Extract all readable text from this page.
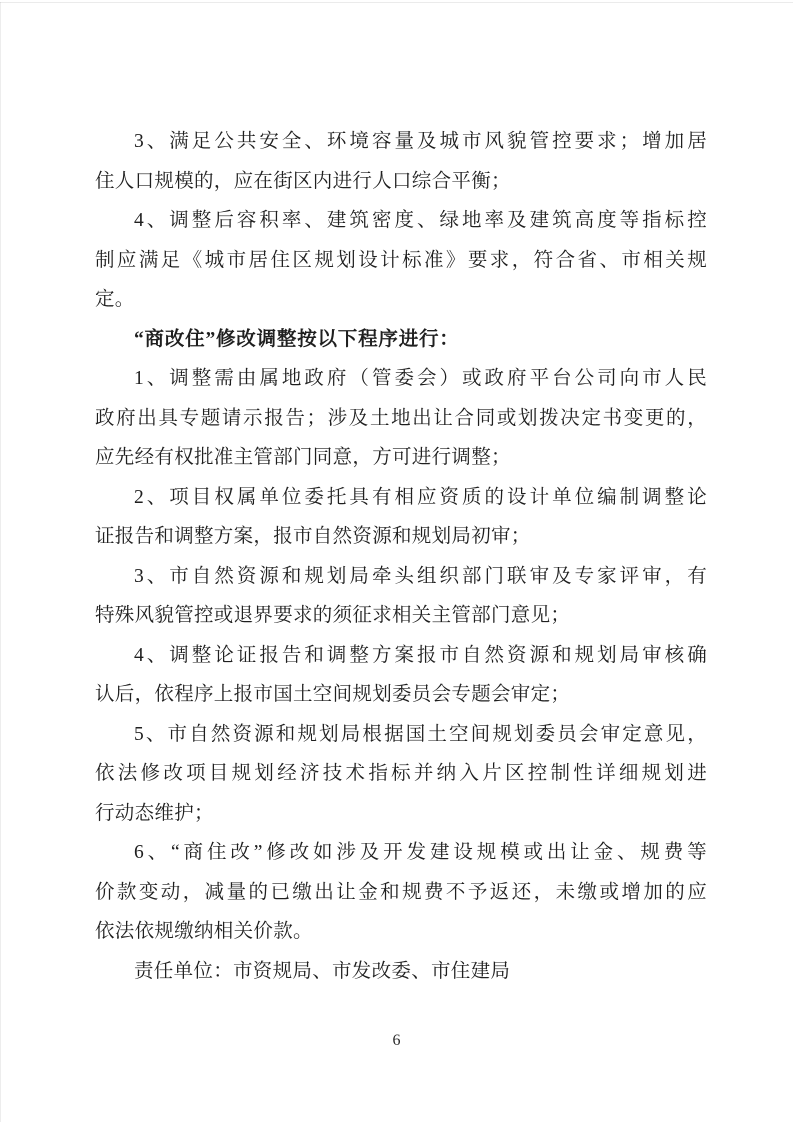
3、满足公共安全、环境容量及城市风貌管控要求；增加居
住人口规模的，应在街区内进行人口综合平衡；
4、调整后容积率、建筑密度、绿地率及建筑高度等指标控
制应满足《城市居住区规划设计标准》要求，符合省、市相关规
定。
“商改住”修改调整按以下程序进行：
1、调整需由属地政府（管委会）或政府平台公司向市人民
政府出具专题请示报告；涉及土地出让合同或划拨决定书变更的，
应先经有权批准主管部门同意，方可进行调整；
2、项目权属单位委托具有相应资质的设计单位编制调整论
证报告和调整方案，报市自然资源和规划局初审；
3、市自然资源和规划局牵头组织部门联审及专家评审，有
特殊风貌管控或退界要求的须征求相关主管部门意见；
4、调整论证报告和调整方案报市自然资源和规划局审核确
认后，依程序上报市国土空间规划委员会专题会审定；
5、市自然资源和规划局根据国土空间规划委员会审定意见，
依法修改项目规划经济技术指标并纳入片区控制性详细规划进
行动态维护；
6、“商住改”修改如涉及开发建设规模或出让金、规费等
价款变动，减量的已缴出让金和规费不予返还，未缴或增加的应
依法依规缴纳相关价款。
责任单位：市资规局、市发改委、市住建局
6
